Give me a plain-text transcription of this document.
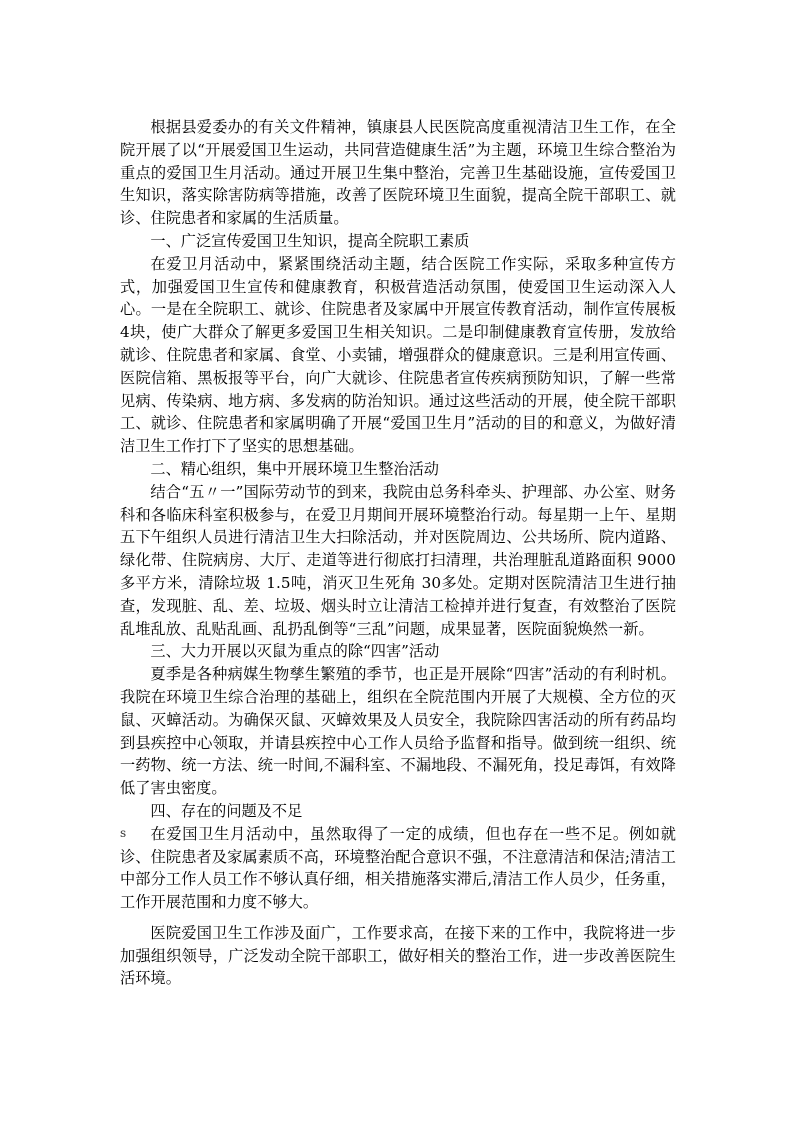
根据县爱委办的有关文件精神，镇康县人民医院高度重视清洁卫生工作，在全院开展了以“开展爱国卫生运动，共同营造健康生活”为主题，环境卫生综合整治为重点的爱国卫生月活动。通过开展卫生集中整治，完善卫生基础设施，宣传爱国卫生知识，落实除害防病等措施，改善了医院环境卫生面貌，提高全院干部职工、就诊、住院患者和家属的生活质量。

一、广泛宣传爱国卫生知识，提高全院职工素质

在爱卫月活动中，紧紧围绕活动主题，结合医院工作实际，采取多种宣传方式，加强爱国卫生宣传和健康教育，积极营造活动氛围，使爱国卫生运动深入人心。一是在全院职工、就诊、住院患者及家属中开展宣传教育活动，制作宣传展板4块，使广大群众了解更多爱国卫生相关知识。二是印制健康教育宣传册，发放给就诊、住院患者和家属、食堂、小卖铺，增强群众的健康意识。三是利用宣传画、医院信箱、黑板报等平台，向广大就诊、住院患者宣传疾病预防知识，了解一些常见病、传染病、地方病、多发病的防治知识。通过这些活动的开展，使全院干部职工、就诊、住院患者和家属明确了开展“爱国卫生月”活动的目的和意义，为做好清洁卫生工作打下了坚实的思想基础。

二、精心组织，集中开展环境卫生整治活动

结合“五〃一”国际劳动节的到来，我院由总务科牵头、护理部、办公室、财务科和各临床科室积极参与，在爱卫月期间开展环境整治行动。每星期一上午、星期五下午组织人员进行清洁卫生大扫除活动，并对医院周边、公共场所、院内道路、绿化带、住院病房、大厅、走道等进行彻底打扫清理，共治理脏乱道路面积 9000多平方米，清除垃圾 1.5吨，消灭卫生死角 30多处。定期对医院清洁卫生进行抽查，发现脏、乱、差、垃圾、烟头时立让清洁工检掉并进行复查，有效整治了医院乱堆乱放、乱贴乱画、乱扔乱倒等“三乱”问题，成果显著，医院面貌焕然一新。

三、大力开展以灭鼠为重点的除“四害”活动

夏季是各种病媒生物孳生繁殖的季节，也正是开展除“四害”活动的有利时机。我院在环境卫生综合治理的基础上，组织在全院范围内开展了大规模、全方位的灭鼠、灭蟑活动。为确保灭鼠、灭蟑效果及人员安全，我院除四害活动的所有药品均到县疾控中心领取，并请县疾控中心工作人员给予监督和指导。做到统一组织、统一药物、统一方法、统一时间,不漏科室、不漏地段、不漏死角，投足毒饵，有效降低了害虫密度。

四、存在的问题及不足

在爱国卫生月活动中，虽然取得了一定的成绩，但也存在一些不足。例如就诊、住院患者及家属素质不高，环境整治配合意识不强，不注意清洁和保洁;清洁工中部分工作人员工作不够认真仔细，相关措施落实滞后,清洁工作人员少，任务重，工作开展范围和力度不够大。

医院爱国卫生工作涉及面广，工作要求高，在接下来的工作中，我院将进一步加强组织领导，广泛发动全院干部职工，做好相关的整治工作，进一步改善医院生活环境。

s
